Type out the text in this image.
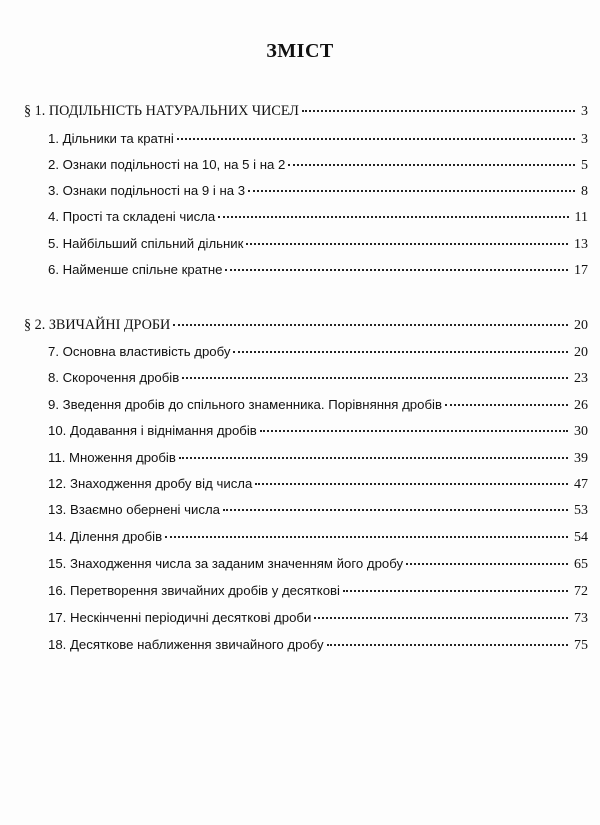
ЗМІСТ
§ 1. ПОДІЛЬНІСТЬ НАТУРАЛЬНИХ ЧИСЕЛ	3
1. Дільники та кратні	3
2. Ознаки подільності на 10, на 5 і на 2	5
3. Ознаки подільності на 9 і на 3	8
4. Прості та складені числа	11
5. Найбільший спільний дільник	13
6. Найменше спільне кратне	17
§ 2. ЗВИЧАЙНІ ДРОБИ	20
7. Основна властивість дробу	20
8. Скорочення дробів	23
9. Зведення дробів до спільного знаменника. Порівняння дробів	26
10. Додавання і віднімання дробів	30
11. Множення дробів	39
12. Знаходження дробу від числа	47
13. Взаємно обернені числа	53
14. Ділення дробів	54
15. Знаходження числа за заданим значенням його дробу	65
16. Перетворення звичайних дробів у десяткові	72
17. Нескінченні періодичні десяткові дроби	73
18. Десяткове наближення звичайного дробу	75
